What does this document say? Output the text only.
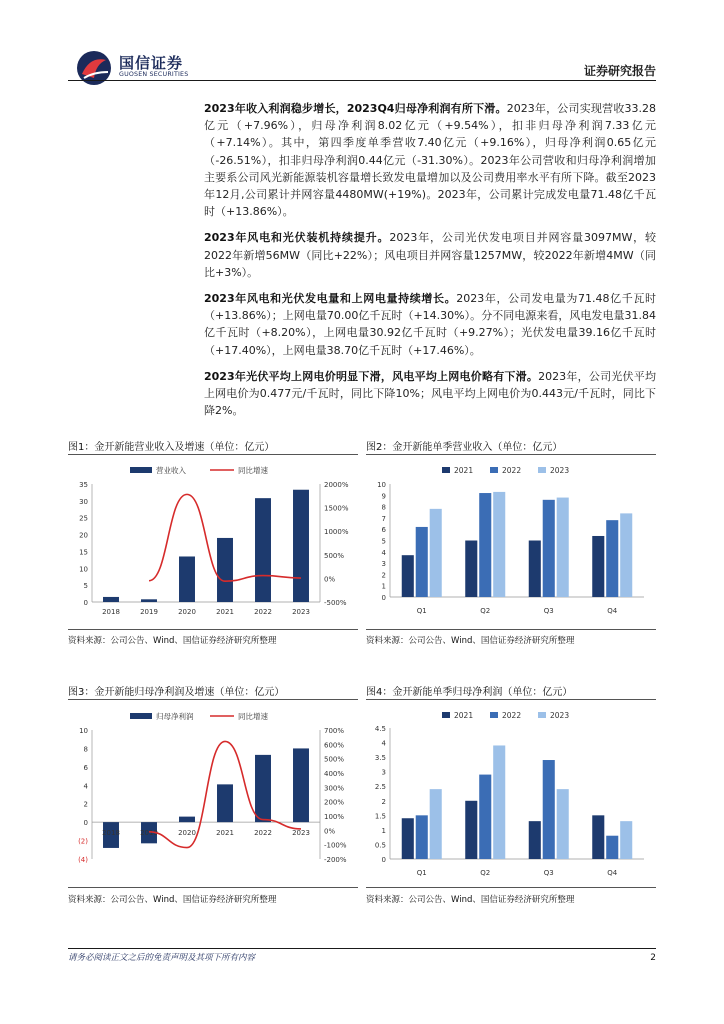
国信证券
GUOSEN SECURITIES	证券研究报告

2023年收入利润稳步增长，2023Q4归母净利润有所下滑。2023年，公司实现营收33.28亿元（+7.96%），归母净利润8.02亿元（+9.54%），扣非归母净利润7.33亿元（+7.14%）。其中，第四季度单季营收7.40亿元（+9.16%），归母净利润0.65亿元（-26.51%），扣非归母净利润0.44亿元（-31.30%）。2023年公司营收和归母净利润增加主要系公司风光新能源装机容量增长致发电量增加以及公司费用率水平有所下降。截至2023年12月,公司累计并网容量4480MW(+19%)。2023年，公司累计完成发电量71.48亿千瓦时（+13.86%）。

2023年风电和光伏装机持续提升。2023年，公司光伏发电项目并网容量3097MW，较2022年新增56MW（同比+22%）；风电项目并网容量1257MW，较2022年新增4MW（同比+3%）。

2023年风电和光伏发电量和上网电量持续增长。2023年，公司发电量为71.48亿千瓦时（+13.86%）；上网电量70.00亿千瓦时（+14.30%）。分不同电源来看，风电发电量31.84亿千瓦时（+8.20%），上网电量30.92亿千瓦时（+9.27%）；光伏发电量39.16亿千瓦时（+17.40%），上网电量38.70亿千瓦时（+17.46%）。

2023年光伏平均上网电价明显下滑，风电平均上网电价略有下滑。2023年，公司光伏平均上网电价为0.477元/千瓦时，同比下降10%；风电平均上网电价为0.443元/千瓦时，同比下降2%。

图1：金开新能营业收入及增速（单位：亿元）
0
5
10
15
20
25
30
35
-500%
0%
500%
1000%
1500%
2000%
2018	2019	2020	2021	2022	2023
营业收入	同比增速
资料来源：公司公告、Wind、国信证券经济研究所整理
图2：金开新能单季营业收入（单位：亿元）
0
1
2
3
4
5
6
7
8
9
10
Q1	Q2	Q3	Q4
2021	2022	2023
资料来源：公司公告、Wind、国信证券经济研究所整理
图3：金开新能归母净利润及增速（单位：亿元）
(4)
(2)
0
2
4
6
8
10
-200%
-100%
0%
100%
200%
300%
400%
500%
600%
700%
2018	2019	2020	2021	2022	2023
归母净利润	同比增速
资料来源：公司公告、Wind、国信证券经济研究所整理
图4：金开新能单季归母净利润（单位：亿元）
0
0.5
1
1.5
2
2.5
3
3.5
4
4.5
Q1	Q2	Q3	Q4
2021	2022	2023
资料来源：公司公告、Wind、国信证券经济研究所整理
请务必阅读正文之后的免责声明及其项下所有内容	2
